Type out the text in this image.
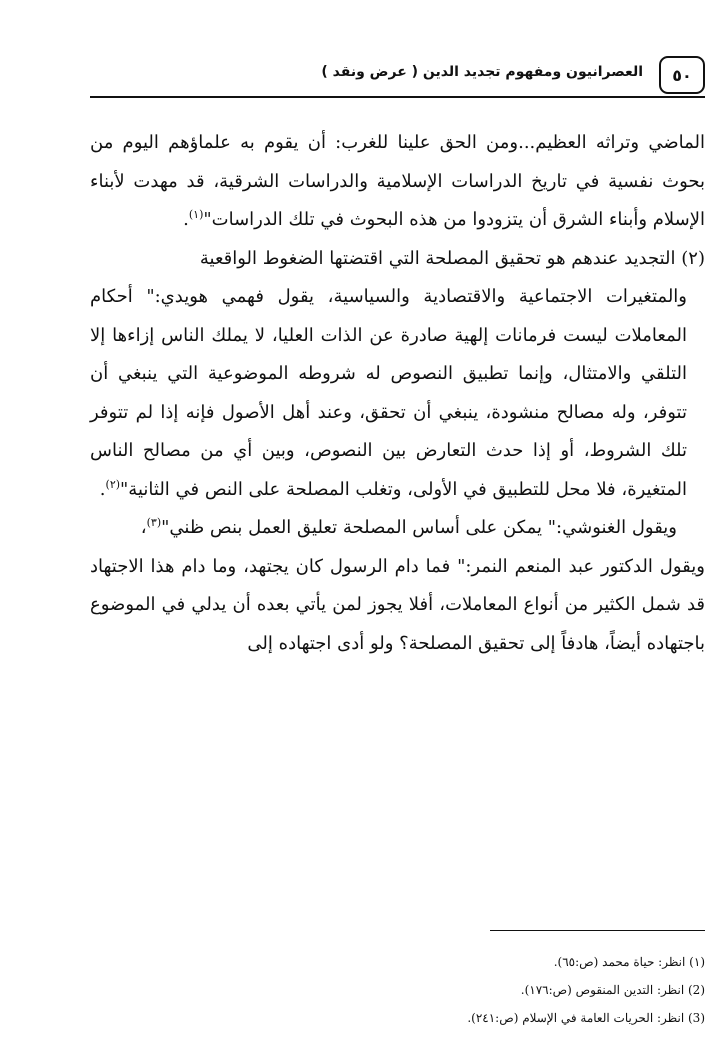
٥٠
العصرانيون ومفهوم تجديد الدين ( عرض ونقد )

الماضي وتراثه العظيم...ومن الحق علينا للغرب: أن يقوم به علماؤهم اليوم من بحوث نفسية في تاريخ الدراسات الإسلامية والدراسات الشرقية، قد مهدت لأبناء الإسلام وأبناء الشرق أن يتزودوا من هذه البحوث في تلك الدراسات"$^{(١)}$.

(٢) التجديد عندهم هو تحقيق المصلحة التي اقتضتها الضغوط الواقعية

والمتغيرات الاجتماعية والاقتصادية والسياسية، يقول فهمي هويدي:" أحكام المعاملات ليست فرمانات إلهية صادرة عن الذات العليا، لا يملك الناس إزاءها إلا التلقي والامتثال، وإنما تطبيق النصوص له شروطه الموضوعية التي ينبغي أن تتوفر، وله مصالح منشودة، ينبغي أن تحقق، وعند أهل الأصول فإنه إذا لم تتوفر تلك الشروط، أو إذا حدث التعارض بين النصوص، وبين أي من مصالح الناس المتغيرة، فلا محل للتطبيق في الأولى، وتغلب المصلحة على النص في الثانية"$^{(٢)}$.

ويقول الغنوشي:" يمكن على أساس المصلحة تعليق العمل بنص ظني"$^{(٣)}$،

ويقول الدكتور عبد المنعم النمر:" فما دام الرسول كان يجتهد، وما دام هذا الاجتهاد قد شمل الكثير من أنواع المعاملات، أفلا يجوز لمن يأتي بعده أن يدلي في الموضوع باجتهاده أيضاً، هادفاً إلى تحقيق المصلحة؟ ولو أدى اجتهاده إلى

(١) انظر: حياة محمد (ص:٦٥).
(2) انظر: التدين المنقوص (ص:١٧٦).
(3) انظر: الحريات العامة في الإسلام (ص:٢٤١).
